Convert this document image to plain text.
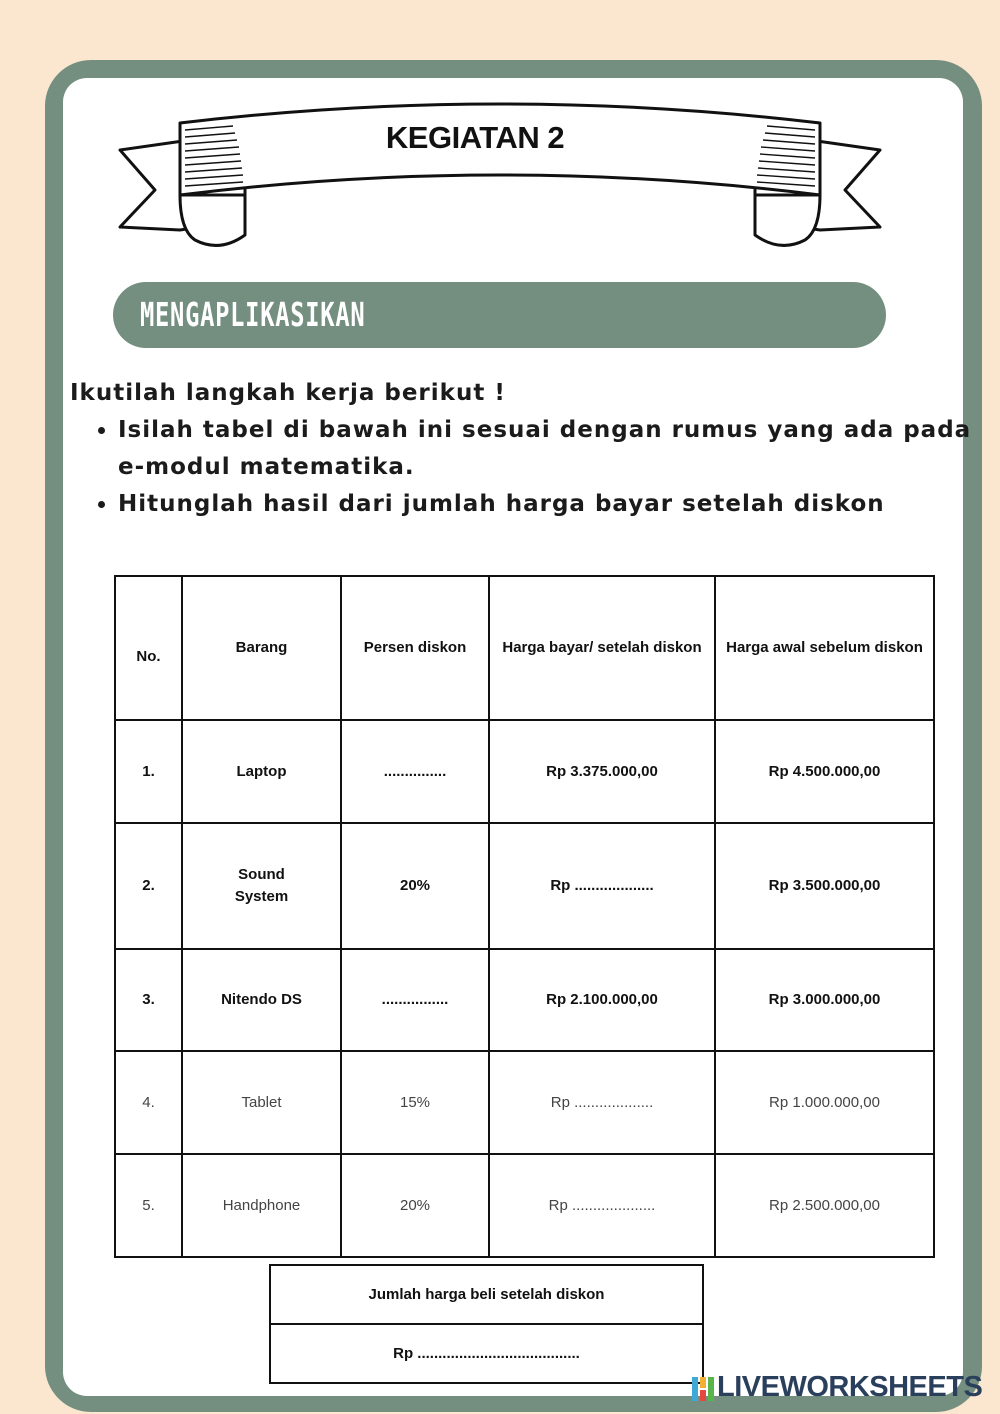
KEGIATAN 2
MENGAPLIKASIKAN

Ikutilah langkah kerja berikut !

• Isilah tabel di bawah ini sesuai dengan rumus yang ada pada e-modul matematika.
• Hitunglah hasil dari jumlah harga bayar setelah diskon
No.	Barang	Persen diskon	Harga bayar/ setelah diskon	Harga awal sebelum diskon
1.	Laptop	...............	Rp 3.375.000,00	Rp 4.500.000,00
2.	Sound System	20%	Rp ...................	Rp 3.500.000,00
3.	Nitendo DS	................	Rp 2.100.000,00	Rp 3.000.000,00
4.	Tablet	15%	Rp ...................	Rp 1.000.000,00
5.	Handphone	20%	Rp ....................	Rp 2.500.000,00
Jumlah harga beli setelah diskon
Rp .......................................
LIVEWORKSHEETS
